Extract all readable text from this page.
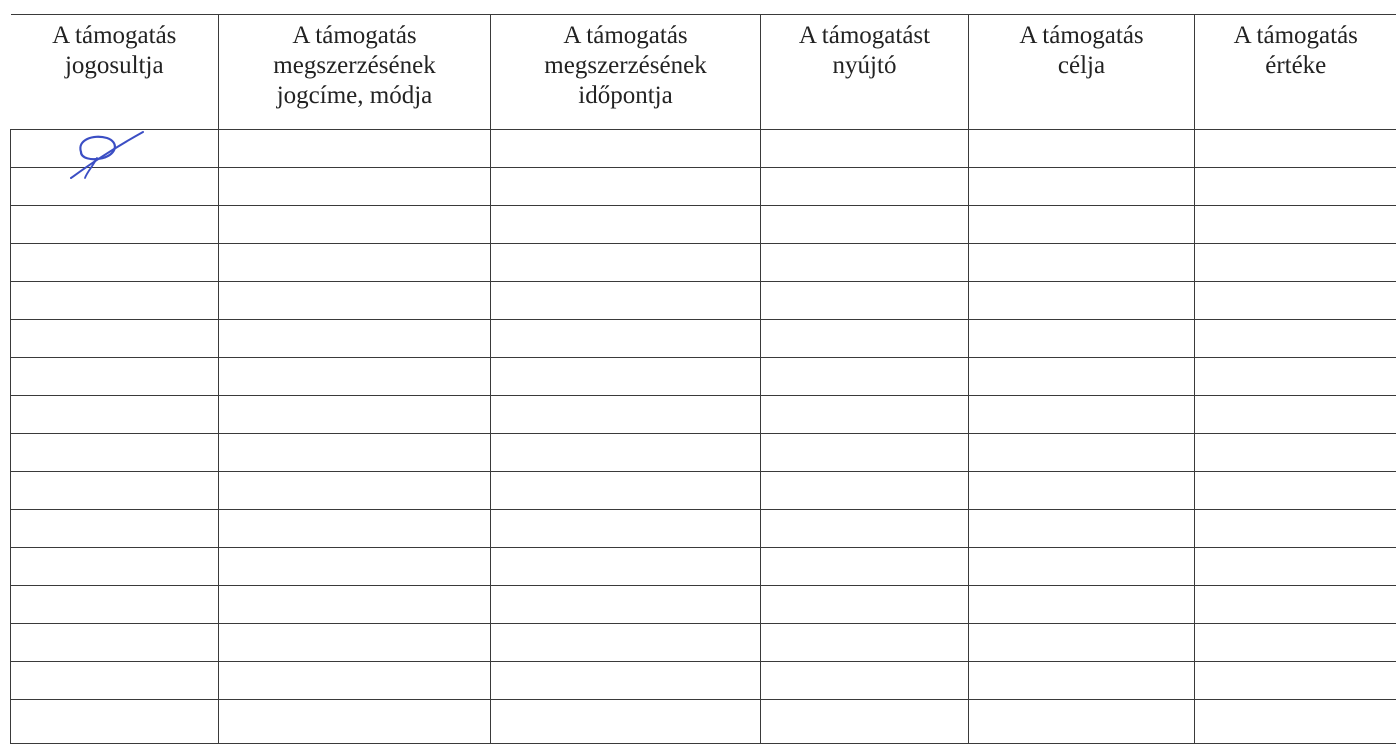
A támogatás
jogosultja	A támogatás
megszerzésének
jogcíme, módja	A támogatás
megszerzésének
időpontja	A támogatást
nyújtó	A támogatás
célja	A támogatás
értéke
